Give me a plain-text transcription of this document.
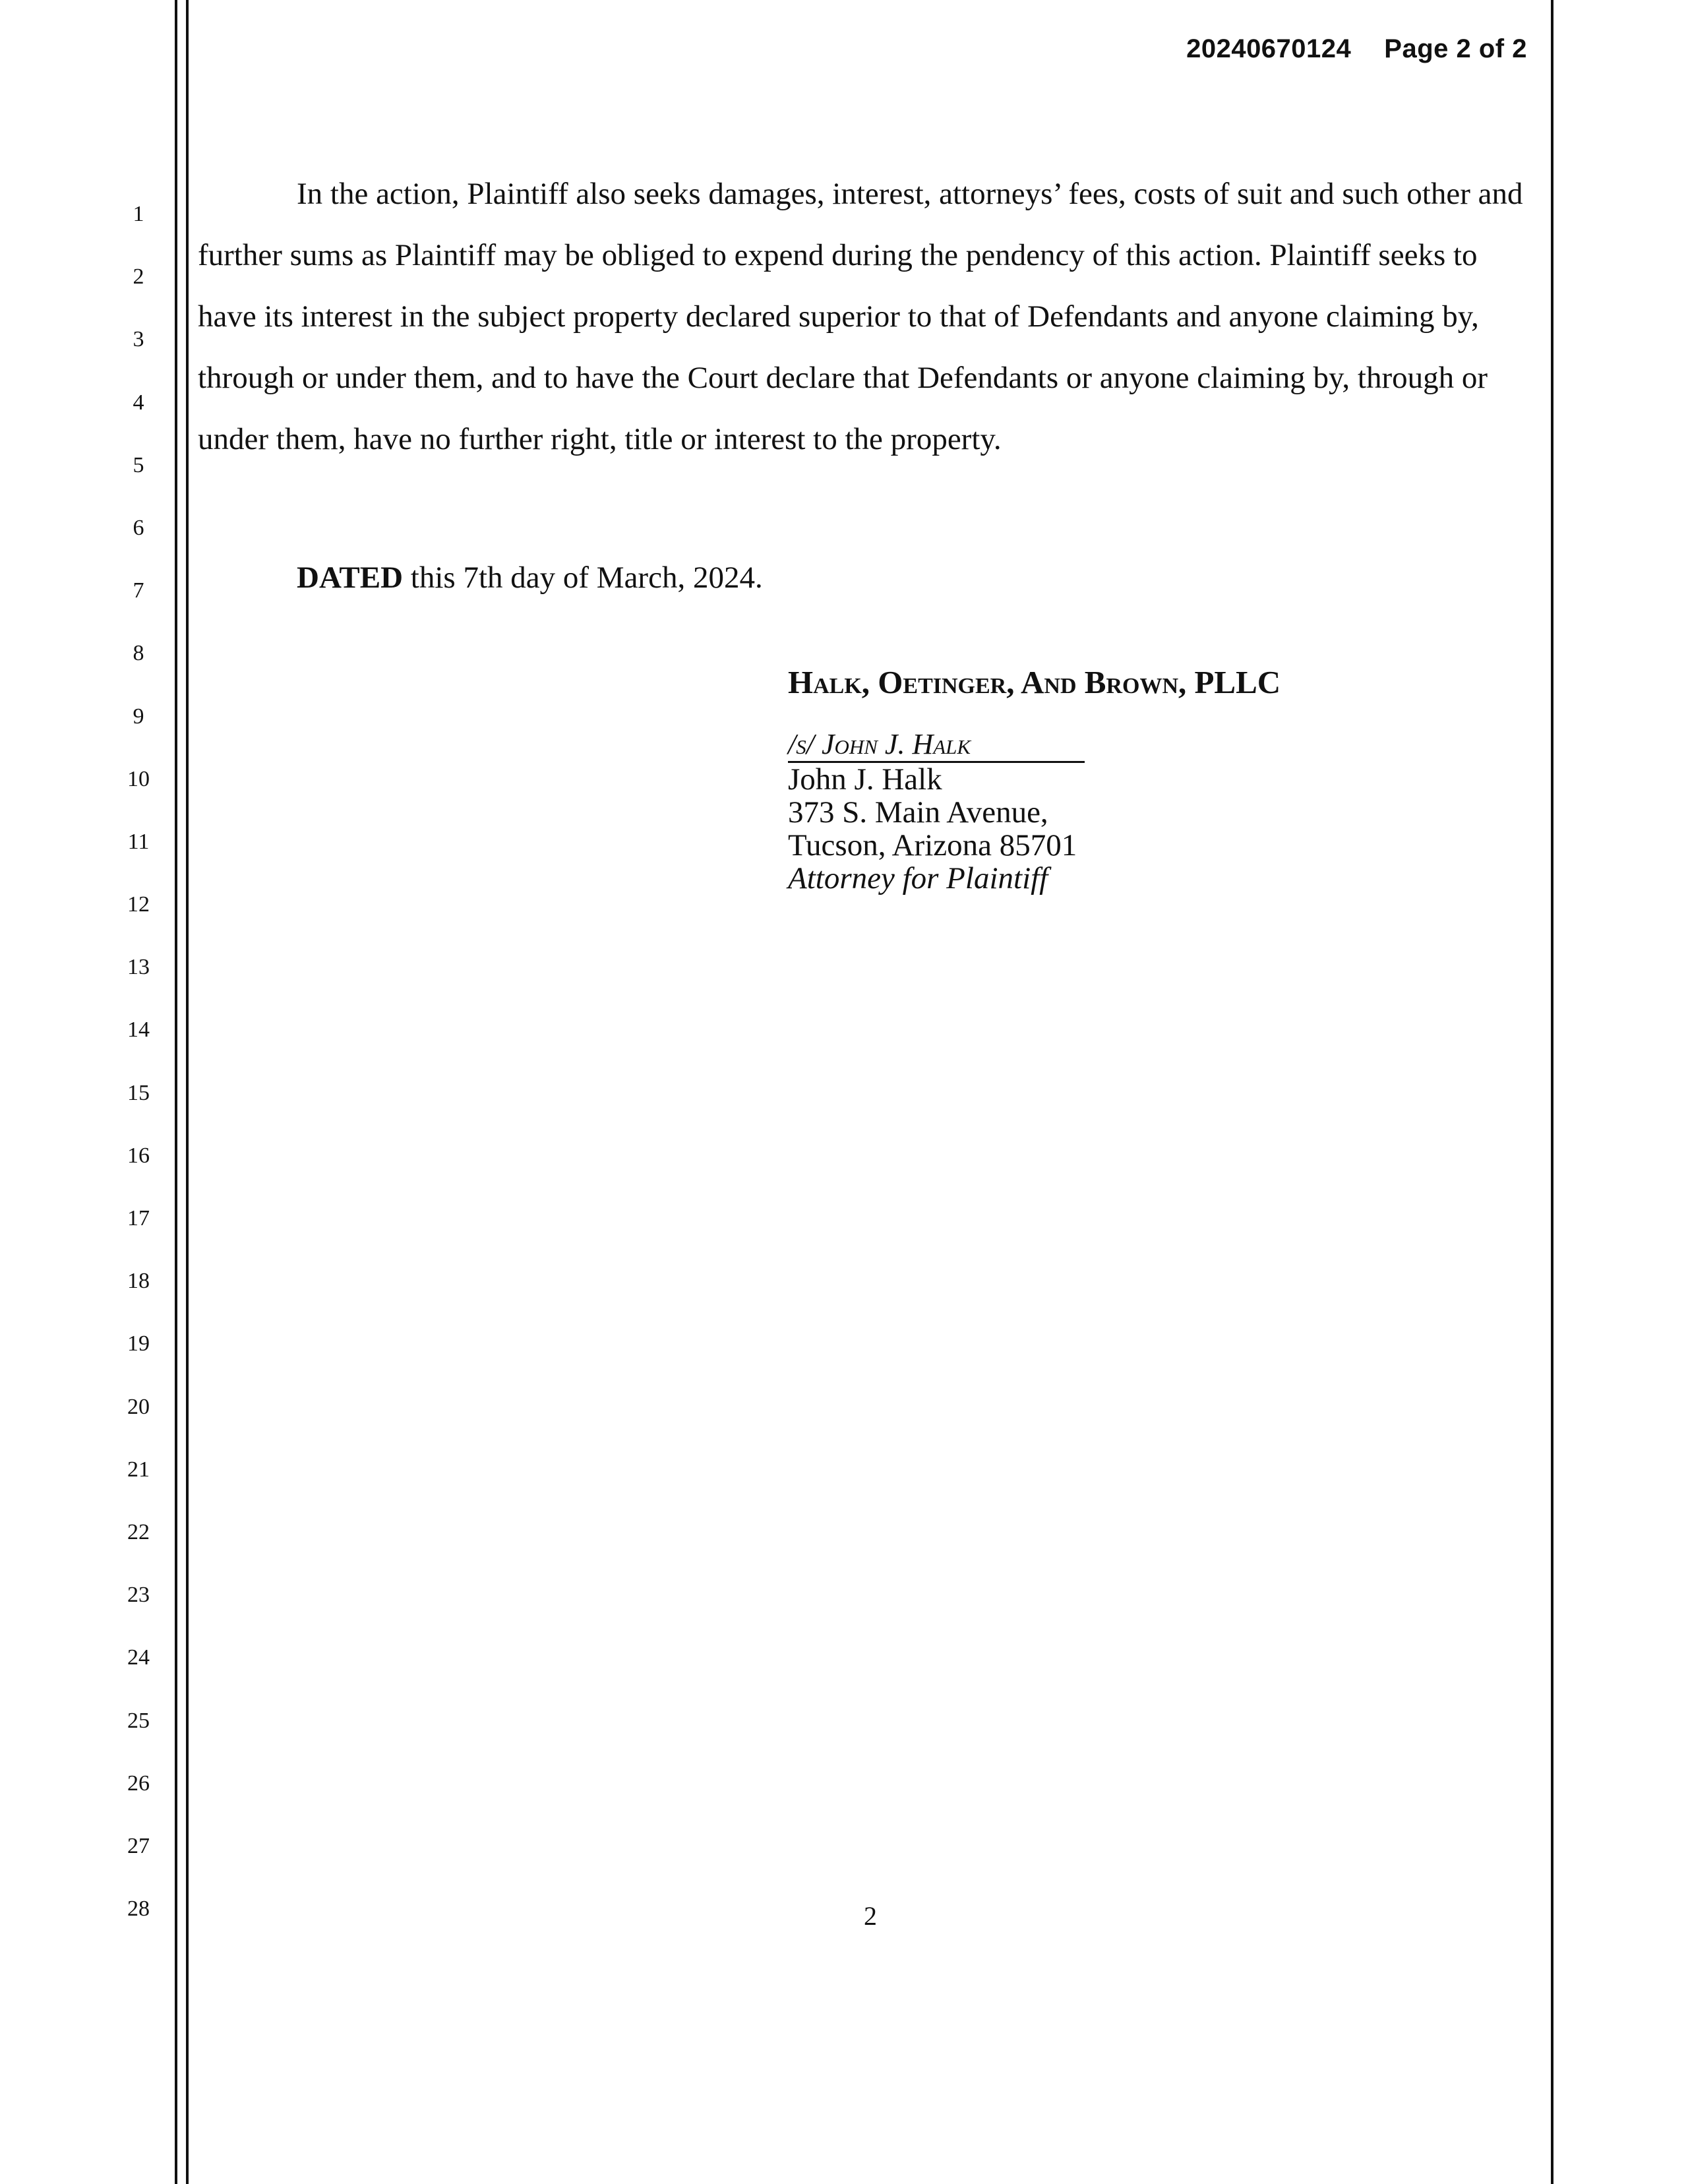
20240670124 Page 2 of 2
1
2
3
4
5
6
7
8
9
10
11
12
13
14
15
16
17
18
19
20
21
22
23
24
25
26
27
28

In the action, Plaintiff also seeks damages, interest, attorneys’ fees, costs of suit and such other and further sums as Plaintiff may be obliged to expend during the pendency of this action. Plaintiff seeks to have its interest in the subject property declared superior to that of Defendants and anyone claiming by, through or under them, and to have the Court declare that Defendants or anyone claiming by, through or under them, have no further right, title or interest to the property.

DATED this 7th day of March, 2024.
Halk, Oetinger, And Brown, PLLC
/s/ John J. Halk
John J. Halk
373 S. Main Avenue,
Tucson, Arizona 85701
Attorney for Plaintiff
2
